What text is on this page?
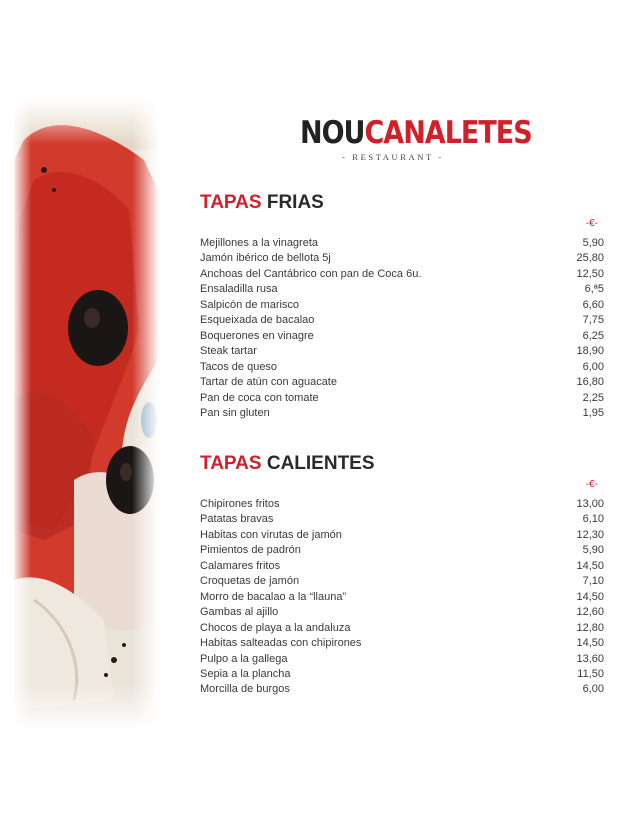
NOUCANALETES
- RESTAURANT -
TAPAS FRIAS
-€-
Mejillones a la vinagreta	5,90
Jamón ibérico de bellota 5j	25,80
Anchoas del Cantábrico con pan de Coca 6u.	12,50
Ensaladilla rusa	6,ª5
Salpicón de marisco	6,60
Esqueixada de bacalao	7,75
Boquerones en vinagre	6,25
Steak tartar	18,90
Tacos de queso	6,00
Tartar de atún con aguacate	16,80
Pan de coca con tomate	2,25
Pan sin gluten	1,95
TAPAS CALIENTES
-€-
Chipirones fritos	13,00
Patatas bravas	6,10
Habitas con virutas de jamón	12,30
Pimientos de padrón	5,90
Calamares fritos	14,50
Croquetas de jamón	7,10
Morro de bacalao a la “llauna”	14,50
Gambas al ajillo	12,60
Chocos de playa a la andaluza	12,80
Habitas salteadas con chipirones	14,50
Pulpo a la gallega	13,60
Sepia a la plancha	11,50
Morcilla de burgos	6,00
